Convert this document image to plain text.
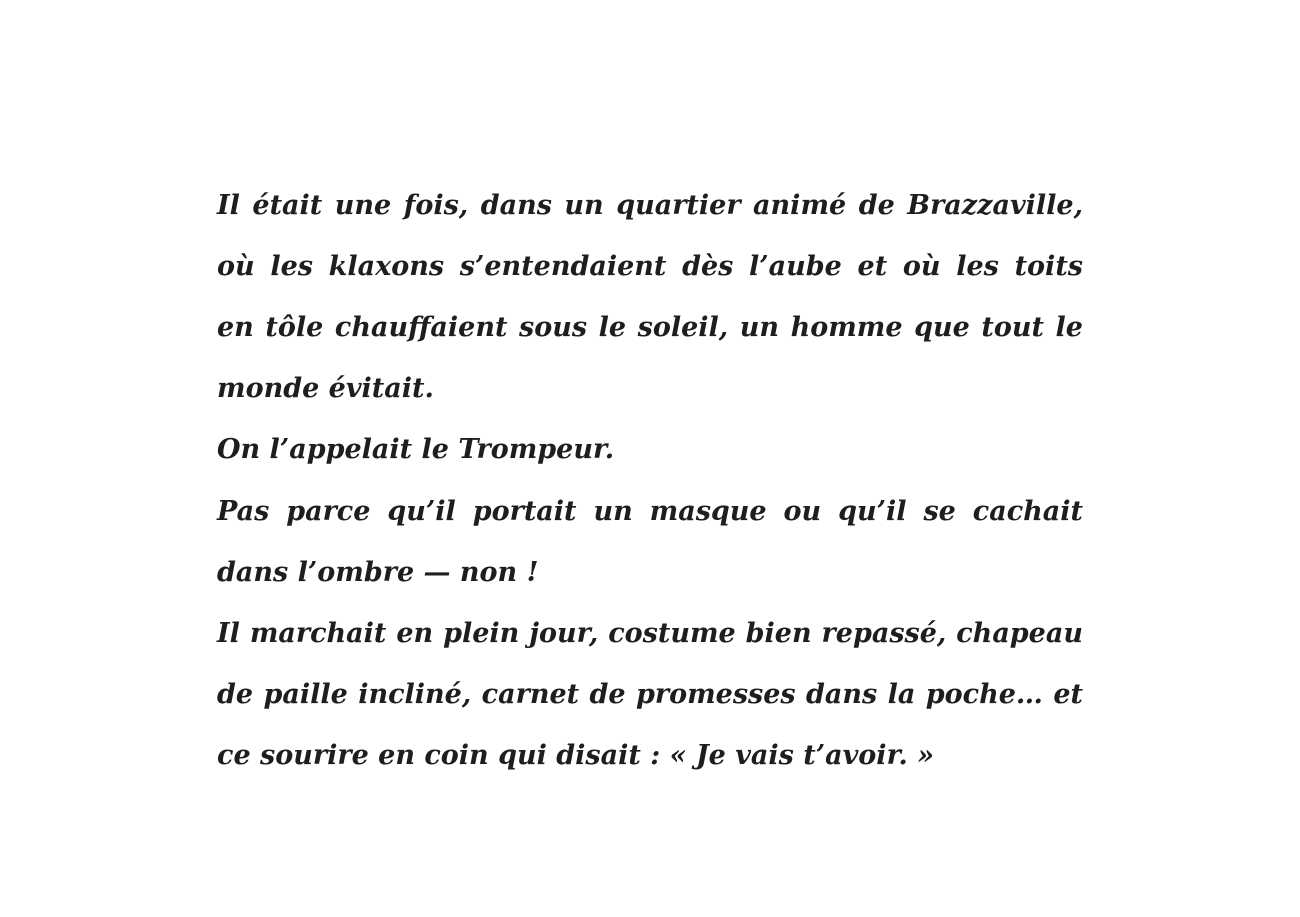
Il était une fois, dans un quartier animé de Brazzaville,
où les klaxons s’entendaient dès l’aube et où les toits
en tôle chauffaient sous le soleil, un homme que tout le
monde évitait.
On l’appelait le Trompeur.
Pas parce qu’il portait un masque ou qu’il se cachait
dans l’ombre — non !
Il marchait en plein jour, costume bien repassé, chapeau
de paille incliné, carnet de promesses dans la poche… et
ce sourire en coin qui disait : « Je vais t’avoir. »
